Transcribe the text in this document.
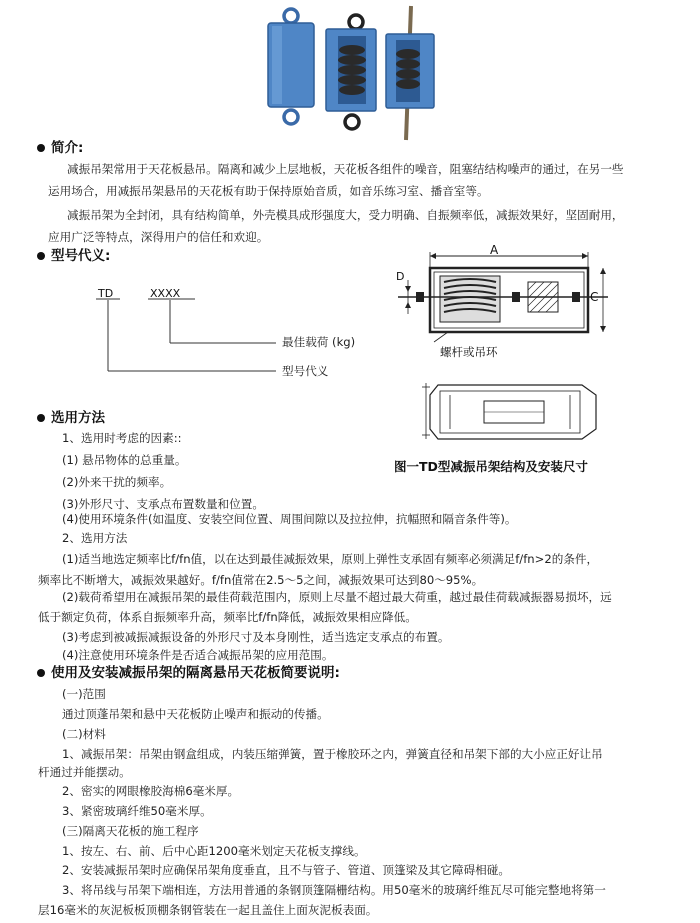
简介:
减振吊架常用于天花板悬吊。隔离和减少上层地板，天花板各组件的噪音，阻塞结结构噪声的通过，在另一些
运用场合，用减振吊架悬吊的天花板有助于保持原始音质，如音乐练习室、播音室等。
减振吊架为全封闭，具有结构简单，外壳模具成形强度大，受力明确、自振频率低，减振效果好，坚固耐用，
应用广泛等特点，深得用户的信任和欢迎。
型号代义:
TD	XXXX
最佳载荷 (kg)
型号代义
A
D
C
螺杆或吊环
图一TD型减振吊架结构及安装尺寸
选用方法
1、选用时考虑的因素::
(1) 悬吊物体的总重量。
(2)外来干扰的频率。
(3)外形尺寸、支承点布置数量和位置。
(4)使用环境条件(如温度、安装空间位置、周围间隙以及拉拉伸，抗幅照和隔音条件等)。
2、选用方法
(1)适当地选定频率比f/fn值，以在达到最佳减振效果，原则上弹性支承固有频率必须满足f/fn>2的条件，
频率比不断增大，减振效果越好。f/fn值常在2.5～5之间，减振效果可达到80～95%。
(2)载荷希望用在减振吊架的最佳荷载范围内，原则上尽量不超过最大荷重，越过最佳荷载减振器易损坏，远
低于额定负荷，体系自振频率升高，频率比f/fn降低，减振效果相应降低。
(3)考虑到被减振减振设备的外形尺寸及本身刚性，适当选定支承点的布置。
(4)注意使用环境条件是否适合减振吊架的应用范围。
使用及安装减振吊架的隔离悬吊天花板简要说明:
(一)范围
通过顶蓬吊架和悬中天花板防止噪声和振动的传播。
(二)材料
1、减振吊架：吊架由钢盒组成，内装压缩弹簧，置于橡胶环之内，弹簧直径和吊架下部的大小应正好让吊
杆通过并能摆动。
2、密实的网眼橡胶海棉6毫米厚。
3、紧密玻璃纤维50毫米厚。
(三)隔离天花板的施工程序
1、按左、右、前、后中心距1200毫米划定天花板支撑线。
2、安装减振吊架时应确保吊架角度垂直，且不与管子、管道、顶篷梁及其它障碍相碰。
3、将吊线与吊架下端相连，方法用普通的条钢顶篷隔栅结构。用50毫米的玻璃纤维瓦尽可能完整地将第一
层16毫米的灰泥板板顶棚条钢管装在一起且盖住上面灰泥板表面。
